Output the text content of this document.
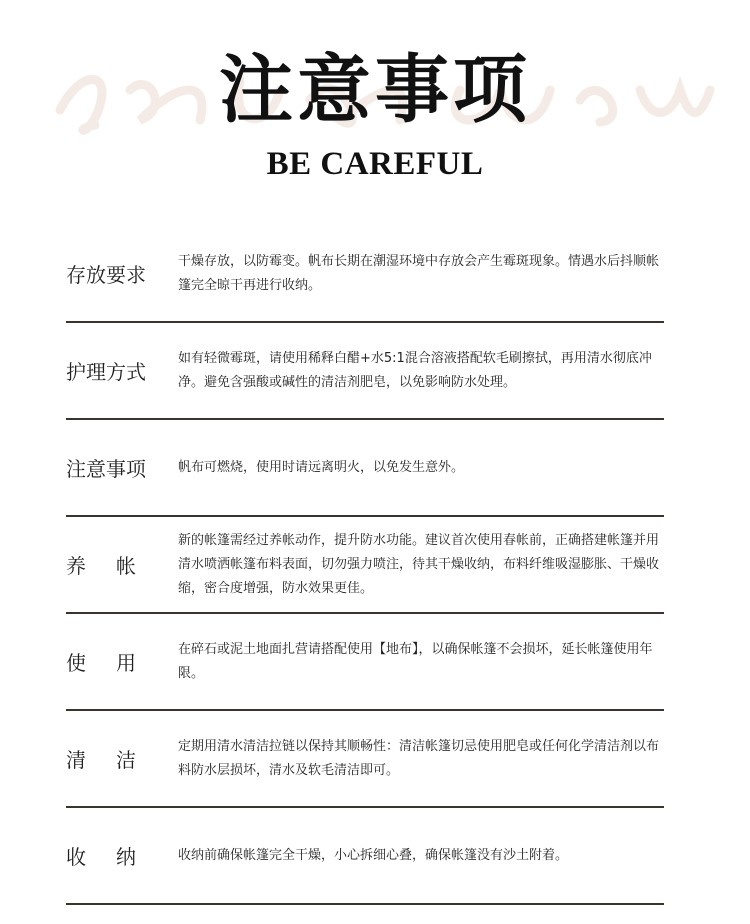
注意事项
BE CAREFUL
存放要求
干燥存放，以防霉变。帆布长期在潮湿环境中存放会产生霉斑现象。情遇水后抖顺帐篷完全晾干再进行收纳。
护理方式
如有轻微霉斑，请使用稀释白醋+水5:1混合溶液搭配软毛刷擦拭，再用清水彻底冲净。避免含强酸或碱性的清洁剂肥皂，以免影响防水处理。
注意事项	帆布可燃烧，使用时请远离明火，以免发生意外。
养帐
新的帐篷需经过养帐动作，提升防水功能。建议首次使用春帐前，正确搭建帐篷并用清水喷洒帐篷布料表面，切勿强力喷注，待其干燥收纳，布料纤维吸湿膨胀、干燥收缩，密合度增强，防水效果更佳。
使用
在碎石或泥土地面扎营请搭配使用【地布】，以确保帐篷不会损坏，延长帐篷使用年限。
清洁
定期用清水清洁拉链以保持其顺畅性：清洁帐篷切忌使用肥皂或任何化学清洁剂以布料防水层损坏，清水及软毛清洁即可。
收纳 收纳前确保帐篷完全干燥，小心拆细心叠，确保帐篷没有沙土附着。
